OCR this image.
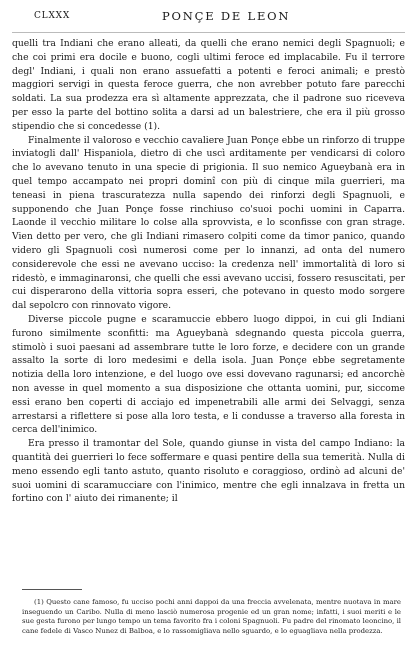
CLXXX	PONÇE DE LEON

quelli tra Indiani che erano alleati, da quelli che erano nemici degli Spagnuoli; e che coi primi era docile e buono, cogli ultimi feroce ed implacabile. Fu il terrore degl' Indiani, i quali non erano assuefatti a potenti e feroci animali; e prestò maggiori servigi in questa feroce guerra, che non avrebber potuto fare parecchi soldati. La sua prodezza era sì altamente apprezzata, che il padrone suo riceveva per esso la parte del bottino solita a darsi ad un balestriere, che era il più grosso stipendio che si concedesse (1).

Finalmente il valoroso e vecchio cavaliere Juan Ponçe ebbe un rinforzo di truppe inviatogli dall' Hispaniola, dietro di che uscì arditamente per vendicarsi di coloro che lo avevano tenuto in una specie di prigionia. Il suo nemico Agueybanà era in quel tempo accampato nei propri dominî con più di cinque mila guerrieri, ma teneasi in piena trascuratezza nulla sapendo dei rinforzi degli Spagnuoli, e supponendo che Juan Ponçe fosse rinchiuso co'suoi pochi uomini in Caparra. Laonde il vecchio militare lo colse alla sprovvista, e lo sconfisse con gran strage. Vien detto per vero, che gli Indiani rimasero colpiti come da timor panico, quando videro gli Spagnuoli così numerosi come per lo innanzi, ad onta del numero considerevole che essi ne avevano ucciso: la credenza nell' immortalità di loro si ridestò, e immaginaronsi, che quelli che essi avevano uccisi, fossero resuscitati, per cui disperarono della vittoria sopra esseri, che potevano in questo modo sorgere dal sepolcro con rinnovato vigore.

Diverse piccole pugne e scaramuccie ebbero luogo dippoi, in cui gli Indiani furono similmente sconfitti: ma Agueybanà sdegnando questa piccola guerra, stimolò i suoi paesani ad assembrare tutte le loro forze, e decidere con un grande assalto la sorte di loro medesimi e della isola. Juan Ponçe ebbe segretamente notizia della loro intenzione, e del luogo ove essi dovevano ragunarsi; ed ancorchè non avesse in quel momento a sua disposizione che ottanta uomini, pur, siccome essi erano ben coperti di acciajo ed impenetrabili alle armi dei Selvaggi, senza arrestarsi a riflettere si pose alla loro testa, e li condusse a traverso alla foresta in cerca dell'inimico.

Era presso il tramontar del Sole, quando giunse in vista del campo Indiano: la quantità dei guerrieri lo fece soffermare e quasi pentire della sua temerità. Nulla di meno essendo egli tanto astuto, quanto risoluto e coraggioso, ordinò ad alcuni de' suoi uomini di scaramucciare con l'inimico, mentre che egli innalzava in fretta un fortino con l' aiuto dei rimanente; il

(1) Questo cane famoso, fu ucciso pochi anni dappoi da una freccia avvelenata, mentre nuotava in mare inseguendo un Caribo. Nulla di meno lasciò numerosa progenie ed un gran nome; infatti, i suoi meriti e le sue gesta furono per lungo tempo un tema favorito fra i coloni Spagnuoli. Fu padre del rinomato leoncino, il cane fedele di Vasco Nunez di Balboa, e lo rassomigliava nello sguardo, e lo eguagliava nella prodezza.
